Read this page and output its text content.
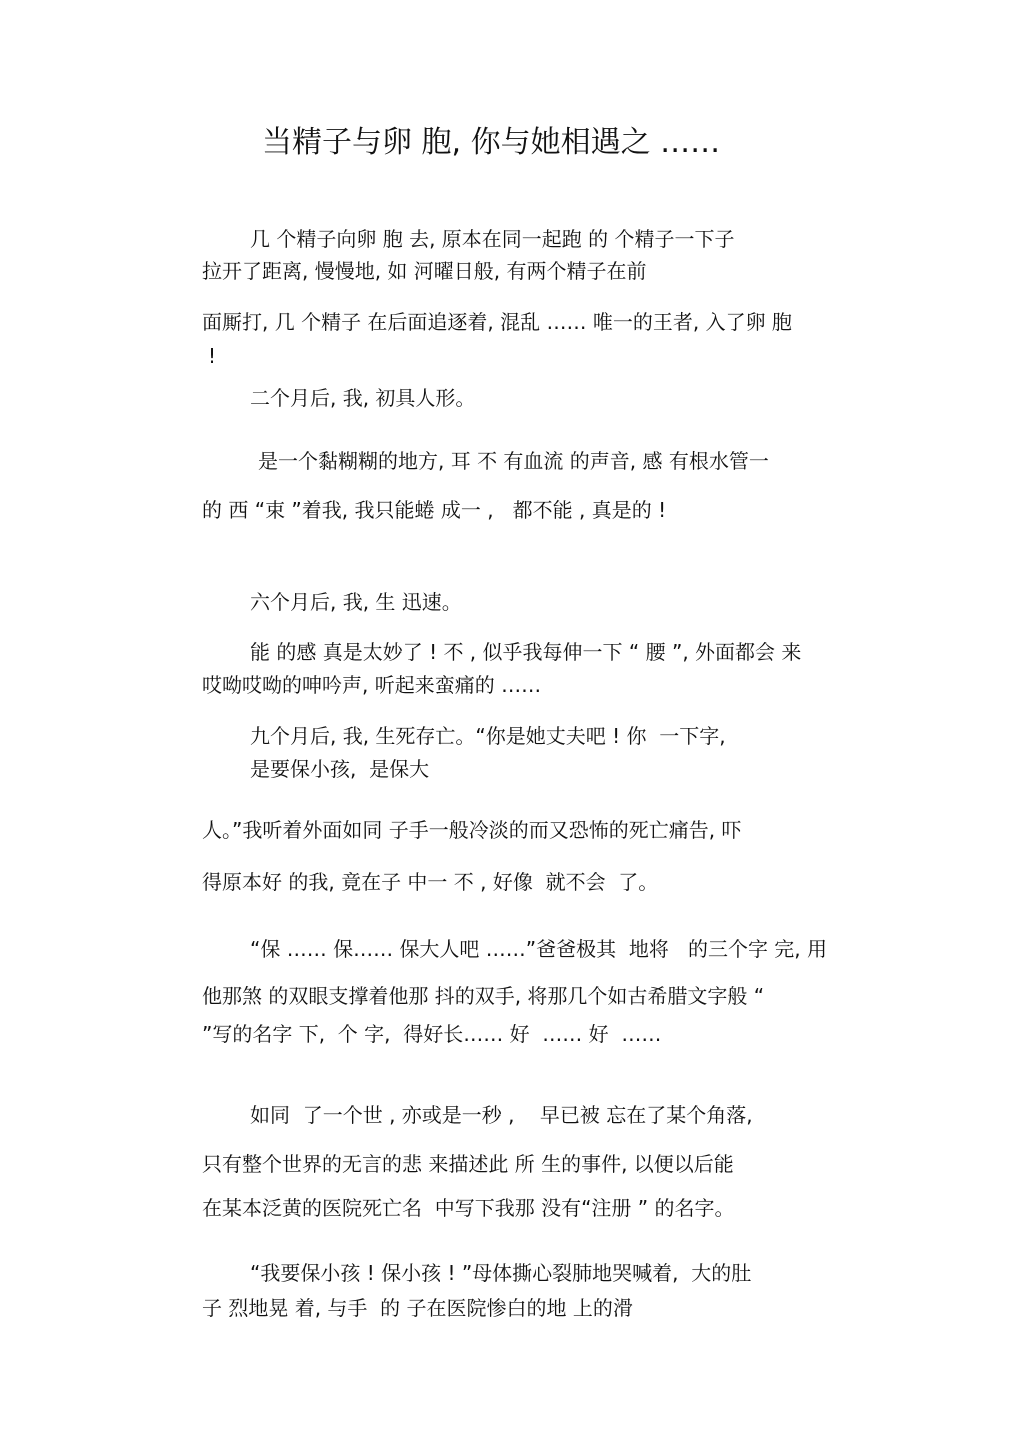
当精子与卵 胞, 你与她相遇之 ……
几 个精子向卵 胞 去, 原本在同一起跑 的 个精子一下子
拉开了距离, 慢慢地, 如 河曜日般, 有两个精子在前
面厮打, 几 个精子 在后面追逐着, 混乱 …… 唯一的王者, 入了卵 胞
!
二个月后, 我, 初具人形。
是一个黏糊糊的地方, 耳 不 有血流 的声音, 感 有根水管一
的 西 “束 ”着我, 我只能蜷 成一 ,   都不能 , 真是的 !
六个月后, 我, 生 迅速。
能 的感 真是太妙了 ! 不 , 似乎我每伸一下 “ 腰 ”, 外面都会 来
哎呦哎呦的呻吟声, 听起来蛮痛的 ……
九个月后, 我, 生死存亡。“你是她丈夫吧 ! 你  一下字,
是要保小孩,  是保大
人。”我听着外面如同 子手一般冷淡的而又恐怖的死亡痛告, 吓
得原本好 的我, 竟在子 中一 不 , 好像  就不会  了。
“保 …… 保…… 保大人吧 ……”爸爸极其  地将   的三个字 完, 用
他那煞 的双眼支撑着他那 抖的双手, 将那几个如古希腊文字般 “
”写的名字 下,  个 字,  得好长…… 好  …… 好  ……
如同  了一个世 , 亦或是一秒 ,    早已被 忘在了某个角落,
只有整个世界的无言的悲 来描述此 所 生的事件, 以便以后能
在某本泛黄的医院死亡名  中写下我那 没有“注册 ” 的名字。
“我要保小孩 ! 保小孩 ! ”母体撕心裂肺地哭喊着,  大的肚
子 烈地晃 着, 与手  的 子在医院惨白的地 上的滑
